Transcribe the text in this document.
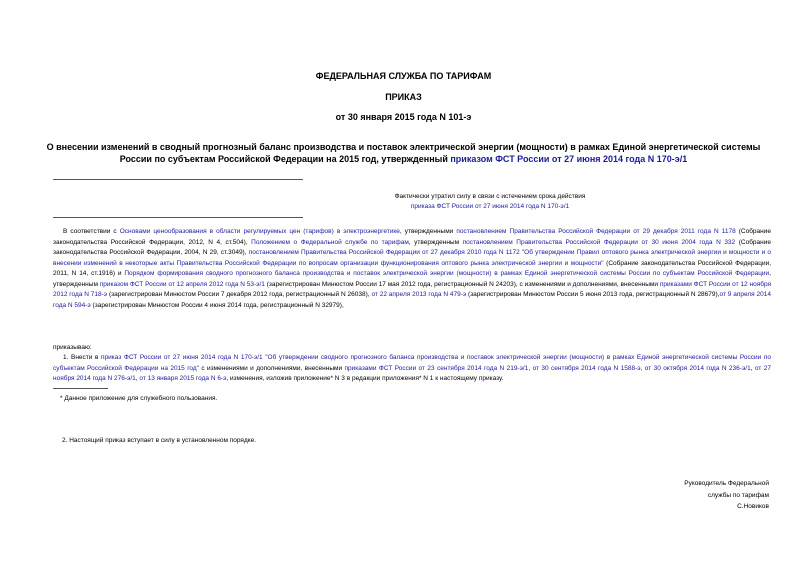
ФЕДЕРАЛЬНАЯ СЛУЖБА ПО ТАРИФАМ
ПРИКАЗ
от 30 января 2015 года N 101-э
О внесении изменений в сводный прогнозный баланс производства и поставок электрической энергии (мощности) в рамках Единой энергетической системы России по субъектам Российской Федерации на 2015 год, утвержденный приказом ФСТ России от 27 июня 2014 года N 170-э/1
Фактически утратил силу в связи с истечением срока действия
приказа ФСТ России от 27 июня 2014 года N 170-э/1
В соответствии с Основами ценообразования в области регулируемых цен (тарифов) в электроэнергетике, утвержденными постановлением Правительства Российской Федерации от 29 декабря 2011 года N 1178 (Собрание законодательства Российской Федерации, 2012, N 4, ст.504), Положением о Федеральной службе по тарифам, утвержденным постановлением Правительства Российской Федерации от 30 июня 2004 года N 332 (Собрание законодательства Российской Федерации, 2004, N 29, ст.3049), постановлением Правительства Российской Федерации от 27 декабря 2010 года N 1172 "Об утверждении Правил оптового рынка электрической энергии и мощности и о внесении изменений в некоторые акты Правительства Российской Федерации по вопросам организации функционирования оптового рынка электрической энергии и мощности" (Собрание законодательства Российской Федерации, 2011, N 14, ст.1916) и Порядком формирования сводного прогнозного баланса производства и поставок электрической энергии (мощности) в рамках Единой энергетической системы России по субъектам Российской Федерации, утвержденным приказом ФСТ России от 12 апреля 2012 года N 53-э/1 (зарегистрирован Минюстом России 17 мая 2012 года, регистрационный N 24203), с изменениями и дополнениями, внесенными приказами ФСТ России от 12 ноября 2012 года N 718-э (зарегистрирован Минюстом России 7 декабря 2012 года, регистрационный N 26038), от 22 апреля 2013 года N 479-э (зарегистрирован Минюстом России 5 июня 2013 года, регистрационный N 28679),от 9 апреля 2014 года N 594-э (зарегистрирован Минюстом России 4 июня 2014 года, регистрационный N 32979),
приказываю:
1. Внести в приказ ФСТ России от 27 июня 2014 года N 170-э/1 "Об утверждении сводного прогнозного баланса производства и поставок электрической энергии (мощности) в рамках Единой энергетической системы России по субъектам Российской Федерации на 2015 год" с изменениями и дополнениями, внесенными приказами ФСТ России от 23 сентября 2014 года N 219-э/1, от 30 сентября 2014 года N 1588-э, от 30 октября 2014 года N 236-э/1, от 27 ноября 2014 года N 276-э/1, от 13 января 2015 года N 6-э, изменения, изложив приложение* N 3 в редакции приложения* N 1 к настоящему приказу.
* Данное приложение для служебного пользования.
2. Настоящий приказ вступает в силу в установленном порядке.
Руководитель Федеральной
службы по тарифам
С.Новиков
